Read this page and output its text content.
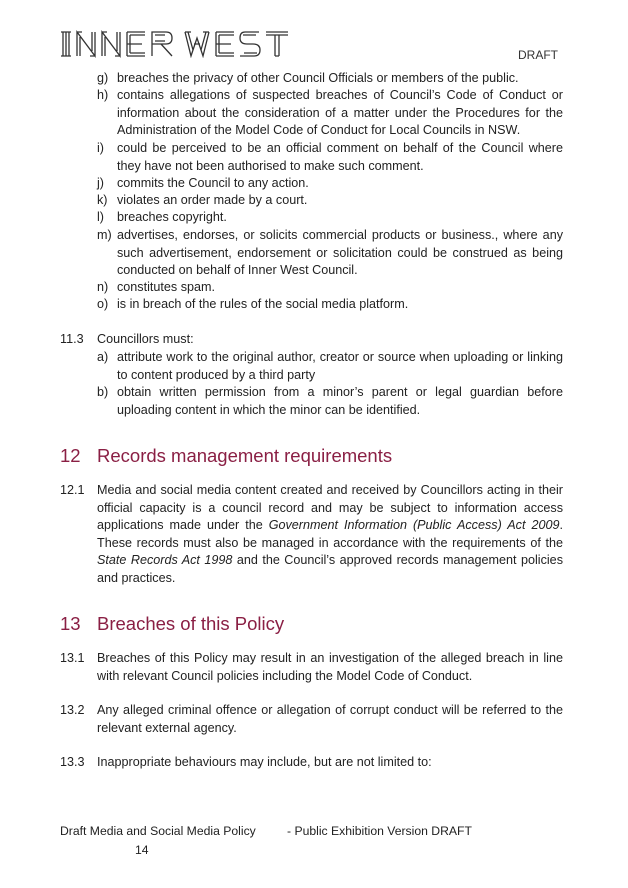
DRAFT
g) breaches the privacy of other Council Officials or members of the public.
h) contains allegations of suspected breaches of Council’s Code of Conduct or information about the consideration of a matter under the Procedures for the Administration of the Model Code of Conduct for Local Councils in NSW.
i)	could be perceived to be an official comment on behalf of the Council where they have not been authorised to make such comment.
j)	commits the Council to any action.
k) violates an order made by a court.
l)	breaches copyright.
m) advertises, endorses, or solicits commercial products or business., where any such advertisement, endorsement or solicitation could be construed as being conducted on behalf of Inner West Council.
n) constitutes spam.
o) is in breach of the rules of the social media platform.
11.3 Councillors must:
a) attribute work to the original author, creator or source when uploading or linking to content produced by a third party
b) obtain written permission from a minor’s parent or legal guardian before uploading content in which the minor can be identified.
12 Records management requirements
12.1 Media and social media content created and received by Councillors acting in their official capacity is a council record and may be subject to information access applications made under the Government Information (Public Access) Act 2009. These records must also be managed in accordance with the requirements of the State Records Act 1998 and the Council’s approved records management policies and practices.
13 Breaches of this Policy
13.1 Breaches of this Policy may result in an investigation of the alleged breach in line with relevant Council policies including the Model Code of Conduct.
13.2 Any alleged criminal offence or allegation of corrupt conduct will be referred to the relevant external agency.
13.3 Inappropriate behaviours may include, but are not limited to:
Draft Media and Social Media Policy	- Public Exhibition Version DRAFT
14
